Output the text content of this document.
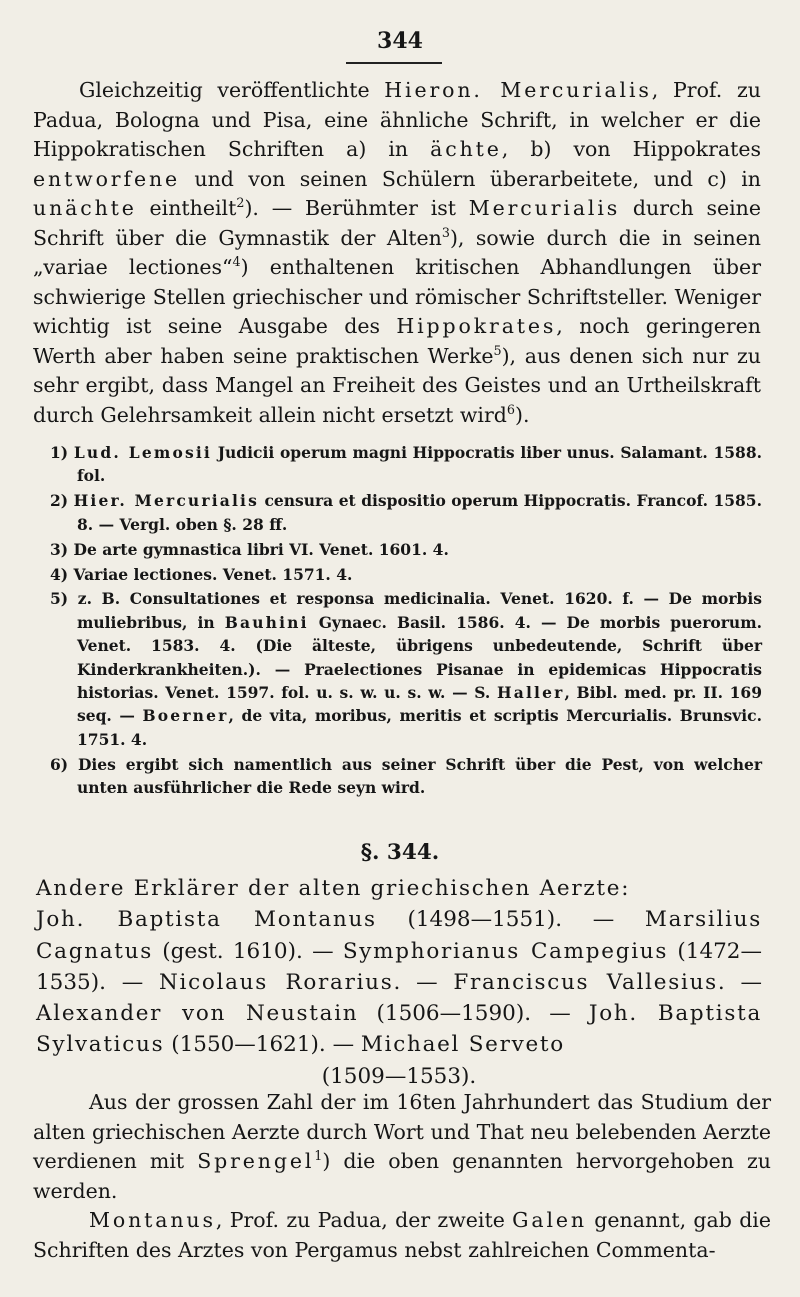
344

Gleichzeitig veröffentlichte Hieron. Mercurialis, Prof. zu Padua, Bologna und Pisa, eine ähnliche Schrift, in welcher er die Hippokratischen Schriften a) in ächte, b) von Hippokrates entworfene und von seinen Schülern überarbeitete, und c) in unächte eintheilt$^2$). — Berühmter ist Mercurialis durch seine Schrift über die Gymnastik der Alten$^3$), sowie durch die in seinen „variae lectiones“$^4$) enthaltenen kritischen Abhandlungen über schwierige Stellen griechischer und römischer Schriftsteller. Weniger wichtig ist seine Ausgabe des Hippokrates, noch geringeren Werth aber haben seine praktischen Werke$^5$), aus denen sich nur zu sehr ergibt, dass Mangel an Freiheit des Geistes und an Urtheilskraft durch Gelehrsamkeit allein nicht ersetzt wird$^6$).

1) Lud. Lemosii Judicii operum magni Hippocratis liber unus. Salamant. 1588. fol.

2) Hier. Mercurialis censura et dispositio operum Hippocratis. Francof. 1585. 8. — Vergl. oben §. 28 ff.

3) De arte gymnastica libri VI. Venet. 1601. 4.

4) Variae lectiones. Venet. 1571. 4.

5) z. B. Consultationes et responsa medicinalia. Venet. 1620. f. — De morbis muliebribus, in Bauhini Gynaec. Basil. 1586. 4. — De morbis puerorum. Venet. 1583. 4. (Die älteste, übrigens unbedeutende, Schrift über Kinderkrankheiten.). — Praelectiones Pisanae in epidemicas Hippocratis historias. Venet. 1597. fol. u. s. w. u. s. w. — S. Haller, Bibl. med. pr. II. 169 seq. — Boerner, de vita, moribus, meritis et scriptis Mercurialis. Brunsvic. 1751. 4.

6) Dies ergibt sich namentlich aus seiner Schrift über die Pest, von welcher unten ausführlicher die Rede seyn wird.

§. 344.

Andere Erklärer der alten griechischen Aerzte:

Joh. Baptista Montanus (1498—1551). — Marsilius Cagnatus (gest. 1610). — Symphorianus Campegius (1472—1535). — Nicolaus Rorarius. — Franciscus Vallesius. — Alexander von Neustain (1506—1590). — Joh. Baptista Sylvaticus (1550—1621). — Michael Serveto

(1509—1553).

Aus der grossen Zahl der im 16ten Jahrhundert das Studium der alten griechischen Aerzte durch Wort und That neu belebenden Aerzte verdienen mit Sprengel$^1$) die oben genannten hervorgehoben zu werden.

Montanus, Prof. zu Padua, der zweite Galen genannt, gab die Schriften des Arztes von Pergamus nebst zahlreichen Commenta-
